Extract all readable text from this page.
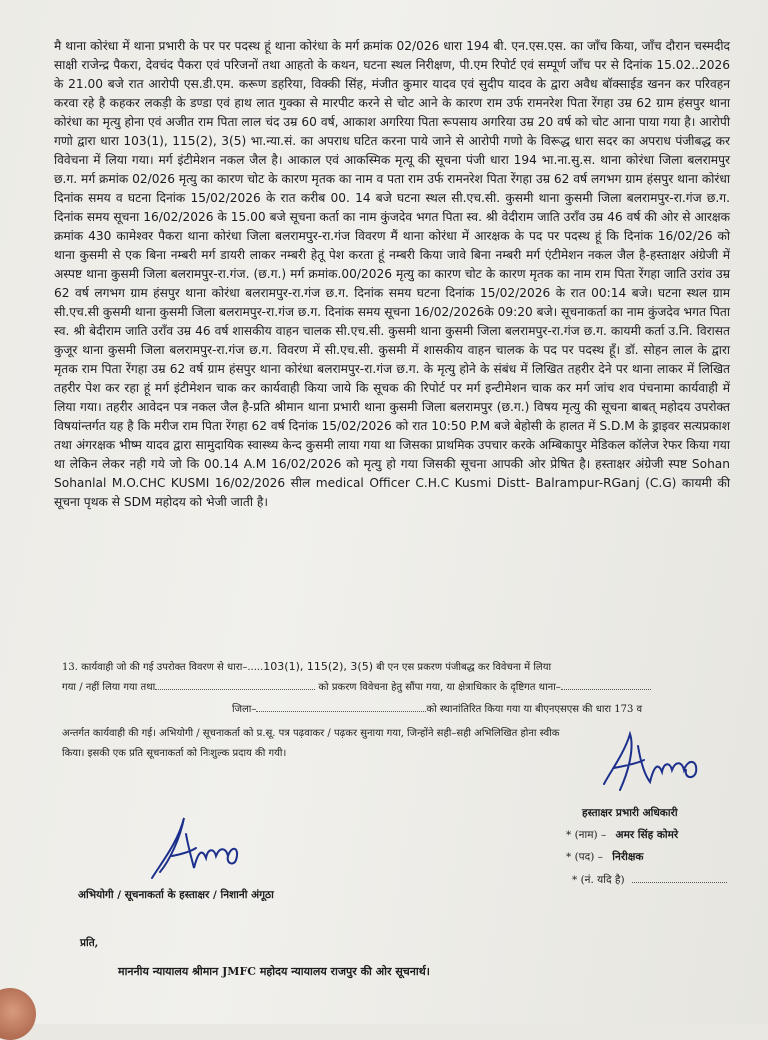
मै थाना कोरंधा में थाना प्रभारी के पर पर पदस्थ हूं थाना कोरंधा के मर्ग क्रमांक 02/026 धारा 194 बी. एन.एस.एस. का जाँच किया, जाँच दौरान चस्मदीद साक्षी राजेन्द्र पैकरा, देवचंद पैकरा एवं परिजनों तथा आहतो के कथन, घटना स्थल निरीक्षण, पी.एम रिपोर्ट एवं सम्पूर्ण जाँच पर से दिनांक 15.02..2026 के 21.00 बजे रात आरोपी एस.डी.एम. करूण डहरिया, विक्की सिंह, मंजीत कुमार यादव एवं सुदीप यादव के द्वारा अवैध बॉक्साईड खनन कर परिवहन करवा रहे है कहकर लकड़ी के डण्डा एवं हाथ लात गुक्का से मारपीट करने से चोट आने के कारण राम उर्फ रामनरेश पिता रेंगहा उम्र 62 ग्राम हंसपुर थाना कोरंधा का मृत्यु होना एवं अजीत राम पिता लाल चंद उम्र 60 वर्ष, आकाश अगरिया पिता रूपसाय अगरिया उम्र 20 वर्ष को चोट आना पाया गया है। आरोपी गणो द्वारा धारा 103(1), 115(2), 3(5) भा.न्या.सं. का अपराध घटित करना पाये जाने से आरोपी गणो के विरूद्ध धारा सदर का अपराध पंजीबद्ध कर विवेचना में लिया गया। मर्ग इंटीमेशन नकल जैल है। आकाल एवं आकस्मिक मृत्यू की सूचना पंजी धारा 194 भा.ना.सु.स. थाना कोरंधा जिला बलरामपुर छ.ग. मर्ग क्रमांक 02/026 मृत्यु का कारण चोट के कारण मृतक का नाम व पता राम उर्फ रामनरेश पिता रेंगहा उम्र 62 वर्ष लगभग ग्राम हंसपुर थाना कोरंधा दिनांक समय व घटना दिनांक 15/02/2026 के रात करीब 00. 14 बजे घटना स्थल सी.एच.सी. कुसमी थाना कुसमी जिला बलरामपुर-रा.गंज छ.ग. दिनांक समय सूचना 16/02/2026 के 15.00 बजे सूचना कर्ता का नाम कुंजदेव भगत पिता स्व. श्री वेदीराम जाति उराँव उम्र 46 वर्ष की ओर से आरक्षक क्रमांक 430 कामेश्वर पैकरा थाना कोरंधा जिला बलरामपुर-रा.गंज विवरण मैं थाना कोरंधा में आरक्षक के पद पर पदस्थ हूं कि दिनांक 16/02/26 को थाना कुसमी से एक बिना नम्बरी मर्ग डायरी लाकर नम्बरी हेतू पेश करता हूं नम्बरी किया जावे बिना नम्बरी मर्ग एंटीमेशन नकल जैल है-हस्ताक्षर अंग्रेजी में अस्पष्ट थाना कुसमी जिला बलरामपुर-रा.गंज. (छ.ग.) मर्ग क्रमांक.00/2026 मृत्यु का कारण चोट के कारण मृतक का नाम राम पिता रेंगहा जाति उरांव उम्र 62 वर्ष लगभग ग्राम हंसपुर थाना कोरंधा बलरामपुर-रा.गंज छ.ग. दिनांक समय घटना दिनांक 15/02/2026 के रात 00:14 बजे। घटना स्थल ग्राम सी.एच.सी कुसमी थाना कुसमी जिला बलरामपुर-रा.गंज छ.ग. दिनांक समय सूचना 16/02/2026के 09:20 बजे। सूचनाकर्ता का नाम कुंजदेव भगत पिता स्व. श्री बेदीराम जाति उराँव उम्र 46 वर्ष शासकीय वाहन चालक सी.एच.सी. कुसमी थाना कुसमी जिला बलरामपुर-रा.गंज छ.ग. कायमी कर्ता उ.नि. विरासत कुजूर थाना कुसमी जिला बलरामपुर-रा.गंज छ.ग. विवरण में सी.एच.सी. कुसमी में शासकीय वाहन चालक के पद पर पदस्थ हूँ। डॉ. सोहन लाल के द्वारा मृतक राम पिता रेंगहा उम्र 62 वर्ष ग्राम हंसपुर थाना कोरंधा बलरामपुर-रा.गंज छ.ग. के मृत्यु होने के संबंध में लिखित तहरीर देने पर थाना लाकर में लिखित तहरीर पेश कर रहा हूं मर्ग इंटीमेशन चाक कर कार्यवाही किया जाये कि सूचक की रिपोर्ट पर मर्ग इन्टीमेशन चाक कर मर्ग जांच शव पंचनामा कार्यवाही में लिया गया। तहरीर आवेदन पत्र नकल जैल है-प्रति श्रीमान थाना प्रभारी थाना कुसमी जिला बलरामपुर (छ.ग.) विषय मृत्यु की सूचना बाबत् महोदय उपरोक्त विषयांन्तर्गत यह है कि मरीज राम पिता रेंगहा 62 वर्ष दिनांक 15/02/2026 को रात 10:50 P.M बजे बेहोसी के हालत में S.D.M के ड्राइवर सत्यप्रकाश तथा अंगरक्षक भीष्म यादव द्वारा सामुदायिक स्वास्थ्य केन्द कुसमी लाया गया था जिसका प्राथमिक उपचार करके अम्बिकापुर मेडिकल कॉलेज रेफर किया गया था लेकिन लेकर नही गये जो कि 00.14 A.M 16/02/2026 को मृत्यु हो गया जिसकी सूचना आपकी ओर प्रेषित है। हस्ताक्षर अंग्रेजी स्पष्ट Sohan Sohanlal M.O.CHC KUSMI 16/02/2026 सील medical Officer C.H.C Kusmi Distt- Balrampur-RGanj (C.G) कायमी की सूचना पृथक से SDM महोदय को भेजी जाती है।

13. कार्यवाही जो की गई उपरोक्त विवरण से धारा–.....103(1), 115(2), 3(5) बी एन एस प्रकरण पंजीबद्ध कर विवेचना में लिया
गया / नहीं लिया गया तथा	को प्रकरण विवेचना हेतु सौंपा गया, या क्षेत्राधिकार के दृष्टिगत थाना–
जिला–	को स्थानांतिरित किया गया या बीएनएसएस की धारा 173 व
अन्तर्गत कार्यवाही की गई। अभियोगी / सूचनाकर्ता को प्र.सू. पत्र पढ़वाकर / पढ़कर सुनाया गया, जिन्होंने सही–सही अभिलिखित होना स्वीक
किया। इसकी एक प्रति सूचनाकर्ता को निःशुल्क प्रदाय की गयी।
हस्ताक्षर प्रभारी अधिकारी
* (नाम) – अमर सिंह कोमरे
* (पद) – निरीक्षक
* (नं. यदि है)
अभियोगी / सूचनाकर्ता के हस्ताक्षर / निशानी अंगूठा
प्रति,
माननीय न्यायालय श्रीमान JMFC महोदय न्यायालय राजपुर की ओर सूचनार्थ।
